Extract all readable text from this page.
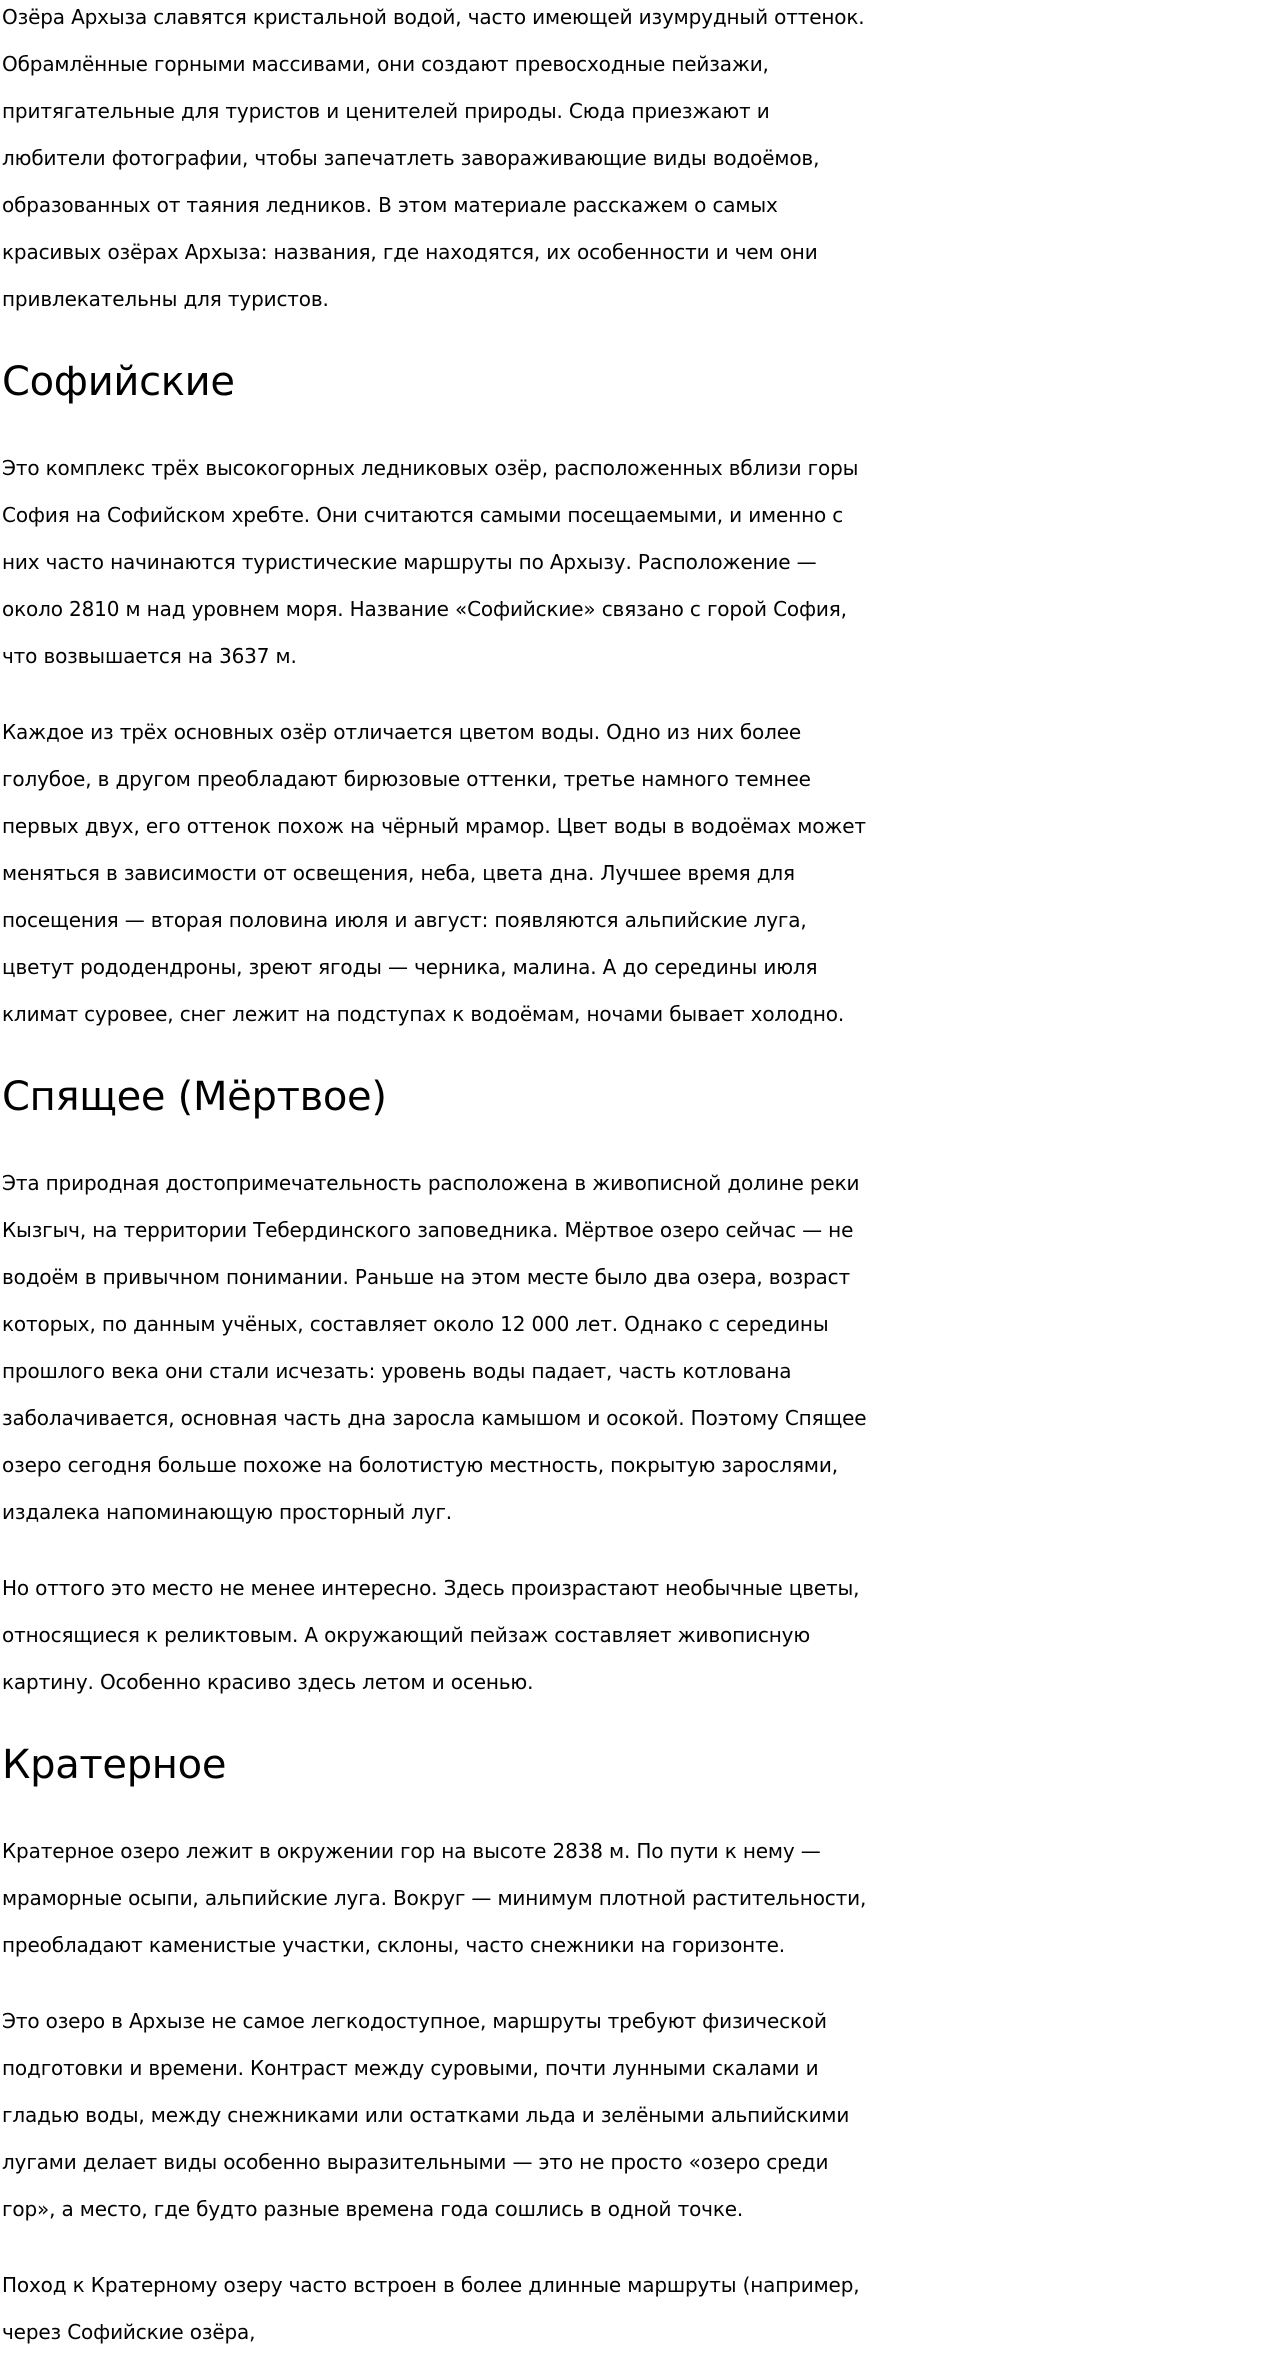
Озёра Архыза славятся кристальной водой, часто имеющей изумрудный оттенок. Обрамлённые горными массивами, они создают превосходные пейзажи, притягательные для туристов и ценителей природы. Сюда приезжают и любители фотографии, чтобы запечатлеть завораживающие виды водоёмов, образованных от таяния ледников. В этом материале расскажем о самых красивых озёрах Архыза: названия, где находятся, их особенности и чем они привлекательны для туристов.

Софийские

Это комплекс трёх высокогорных ледниковых озёр, расположенных вблизи горы София на Софийском хребте. Они считаются самыми посещаемыми, и именно с них часто начинаются туристические маршруты по Архызу. Расположение — около 2810 м над уровнем моря. Название «Софийские» связано с горой София, что возвышается на 3637 м.

Каждое из трёх основных озёр отличается цветом воды. Одно из них более голубое, в другом преобладают бирюзовые оттенки, третье намного темнее первых двух, его оттенок похож на чёрный мрамор. Цвет воды в водоёмах может меняться в зависимости от освещения, неба, цвета дна. Лучшее время для посещения — вторая половина июля и август: появляются альпийские луга, цветут рододендроны, зреют ягоды — черника, малина. А до середины июля климат суровее, снег лежит на подступах к водоёмам, ночами бывает холодно.

Спящее (Мёртвое)

Эта природная достопримечательность расположена в живописной долине реки Кызгыч, на территории Тебердинского заповедника. Мёртвое озеро сейчас — не водоём в привычном понимании. Раньше на этом месте было два озера, возраст которых, по данным учёных, составляет около 12 000 лет. Однако с середины прошлого века они стали исчезать: уровень воды падает, часть котлована заболачивается, основная часть дна заросла камышом и осокой. Поэтому Спящее озеро сегодня больше похоже на болотистую местность, покрытую зарослями, издалека напоминающую просторный луг.

Но оттого это место не менее интересно. Здесь произрастают необычные цветы, относящиеся к реликтовым. А окружающий пейзаж составляет живописную картину. Особенно красиво здесь летом и осенью.

Кратерное

Кратерное озеро лежит в окружении гор на высоте 2838 м. По пути к нему — мраморные осыпи, альпийские луга. Вокруг — минимум плотной растительности, преобладают каменистые участки, склоны, часто снежники на горизонте.

Это озеро в Архызе не самое легкодоступное, маршруты требуют физической подготовки и времени. Контраст между суровыми, почти лунными скалами и гладью воды, между снежниками или остатками льда и зелёными альпийскими лугами делает виды особенно выразительными — это не просто «озеро среди гор», а место, где будто разные времена года сошлись в одной точке.

Поход к Кратерному озеру часто встроен в более длинные маршруты (например, через Софийские озёра,
